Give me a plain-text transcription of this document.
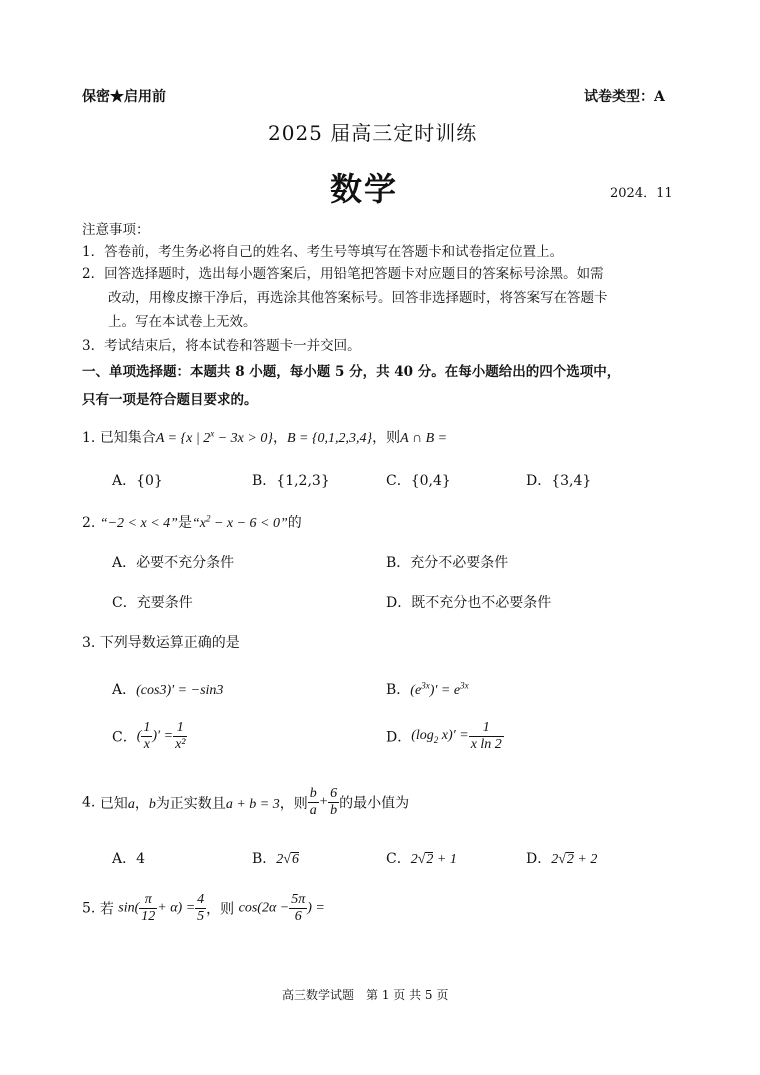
保密★启用前	试卷类型：A
2025 届高三定时训练
数学	2024．11
注意事项：
1．答卷前，考生务必将自己的姓名、考生号等填写在答题卡和试卷指定位置上。
2．回答选择题时，选出每小题答案后，用铅笔把答题卡对应题目的答案标号涂黑。如需
改动，用橡皮擦干净后，再选涂其他答案标号。回答非选择题时，将答案写在答题卡
上。写在本试卷上无效。
3．考试结束后，将本试卷和答题卡一并交回。
一、单项选择题：本题共 8 小题，每小题 5 分，共 40 分。在每小题给出的四个选项中，
只有一项是符合题目要求的。
1. 已知集合A = {x | $2^x - 3x > 0$}，B = {0,1,2,3,4}，则A ∩ B =
A．{0}	B．{1,2,3}	C．{0,4}	D．{3,4}
2. “−2 < x < 4”是“$x^2 - x - 6 < 0$”的
A．必要不充分条件	B．充分不必要条件
C．充要条件	D．既不充分也不必要条件
3. 下列导数运算正确的是
A．(cos3)′ = −sin3	B．$(e^{3x})' = e^{3x}$
C．( $\frac{1}{x}$ )′ = $\frac{1}{\text{x²}}$	D．($\log_2$ $x)' = \frac{1}{\text{x ln 2}}$
4. 已知a，b为正实数且a + b = 3，则 $\frac{b}{a} + \frac{6}{b}$ 的最小值为
A．4	B．2√6	C．2√2 + 1	D．2√2 + 2
5. 若 $\sin( \frac{\pi}{12} + \alpha) = \frac{4}{5}$ ，则 $\cos(2\alpha - \frac{5\pi}{6}$ ) =
高三数学试题　第 1 页 共 5 页
